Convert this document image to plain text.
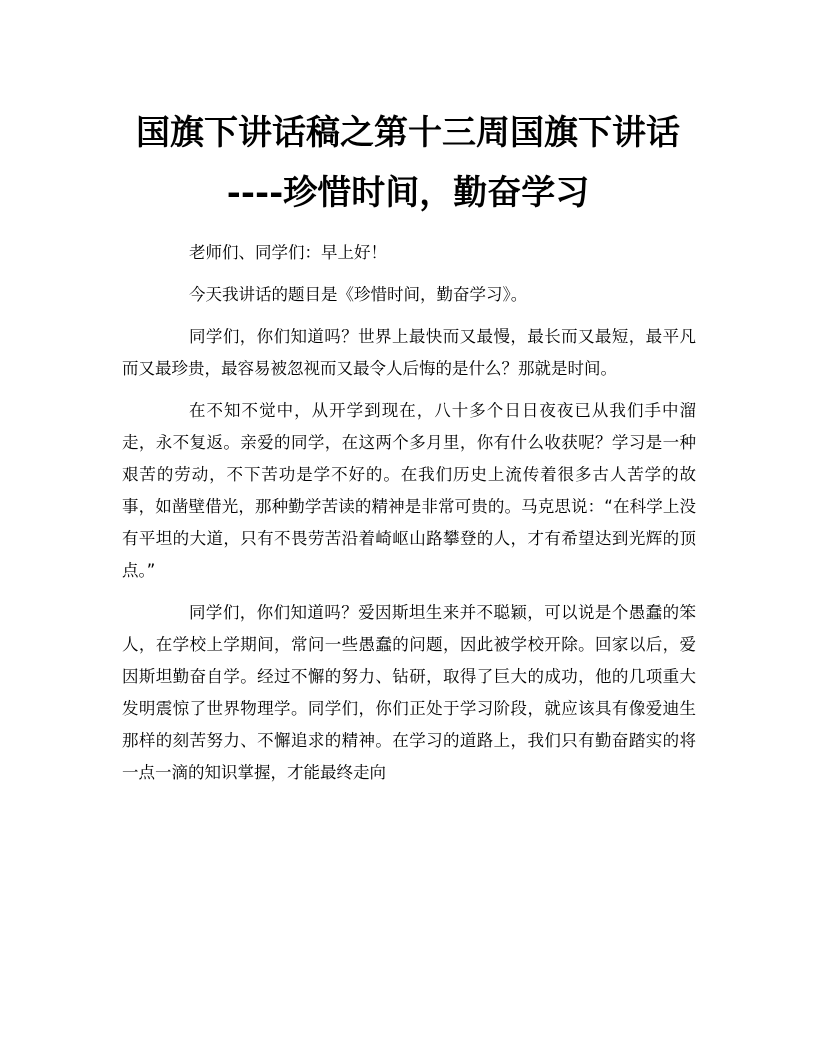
国旗下讲话稿之第十三周国旗下讲话
----珍惜时间，勤奋学习

老师们、同学们：早上好！

今天我讲话的题目是《珍惜时间，勤奋学习》。

同学们，你们知道吗？世界上最快而又最慢，最长而又最短，最平凡而又最珍贵，最容易被忽视而又最令人后悔的是什么？那就是时间。

在不知不觉中，从开学到现在，八十多个日日夜夜已从我们手中溜走，永不复返。亲爱的同学，在这两个多月里，你有什么收获呢？学习是一种艰苦的劳动，不下苦功是学不好的。在我们历史上流传着很多古人苦学的故事，如凿壁借光，那种勤学苦读的精神是非常可贵的。马克思说：“在科学上没有平坦的大道，只有不畏劳苦沿着崎岖山路攀登的人，才有希望达到光辉的顶点。”

同学们，你们知道吗？爱因斯坦生来并不聪颖，可以说是个愚蠢的笨人，在学校上学期间，常问一些愚蠢的问题，因此被学校开除。回家以后，爱因斯坦勤奋自学。经过不懈的努力、钻研，取得了巨大的成功，他的几项重大发明震惊了世界物理学。同学们，你们正处于学习阶段，就应该具有像爱迪生那样的刻苦努力、不懈追求的精神。在学习的道路上，我们只有勤奋踏实的将一点一滴的知识掌握，才能最终走向
